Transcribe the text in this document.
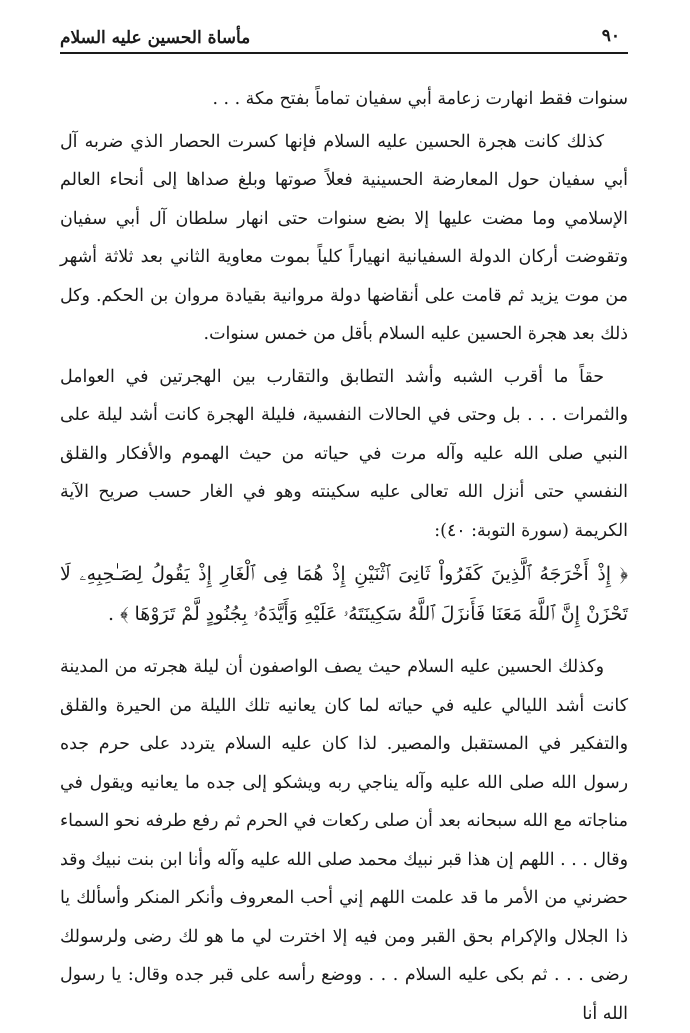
٩٠
مأساة الحسين عليه السلام

سنوات فقط انهارت زعامة أبي سفيان تماماً بفتح مكة . . .

كذلك كانت هجرة الحسين عليه السلام فإنها كسرت الحصار الذي ضربه آل أبي سفيان حول المعارضة الحسينية فعلاً صوتها وبلغ صداها إلى أنحاء العالم الإسلامي وما مضت عليها إلا بضع سنوات حتى انهار سلطان آل أبي سفيان وتقوضت أركان الدولة السفيانية انهياراً كلياً بموت معاوية الثاني بعد ثلاثة أشهر من موت يزيد ثم قامت على أنقاضها دولة مروانية بقيادة مروان بن الحكم. وكل ذلك بعد هجرة الحسين عليه السلام بأقل من خمس سنوات.

حقاً ما أقرب الشبه وأشد التطابق والتقارب بين الهجرتين في العوامل والثمرات . . . بل وحتى في الحالات النفسية، فليلة الهجرة كانت أشد ليلة على النبي صلى الله عليه وآله مرت في حياته من حيث الهموم والأفكار والقلق النفسي حتى أنزل الله تعالى عليه سكينته وهو في الغار حسب صريح الآية الكريمة (سورة التوبة: ٤٠):

﴿ إِذْ أَخْرَجَهُ ٱلَّذِينَ كَفَرُواْ ثَانِىَ ٱثْنَيْنِ إِذْ هُمَا فِى ٱلْغَارِ إِذْ يَقُولُ لِصَـٰحِبِهِۦ لَا تَحْزَنْ إِنَّ ٱللَّهَ مَعَنَا فَأَنزَلَ ٱللَّهُ سَكِينَتَهُۥ عَلَيْهِ وَأَيَّدَهُۥ بِجُنُودٍ لَّمْ تَرَوْهَا ﴾ .

وكذلك الحسين عليه السلام حيث يصف الواصفون أن ليلة هجرته من المدينة كانت أشد الليالي عليه في حياته لما كان يعانيه تلك الليلة من الحيرة والقلق والتفكير في المستقبل والمصير. لذا كان عليه السلام يتردد على حرم جده رسول الله صلى الله عليه وآله يناجي ربه ويشكو إلى جده ما يعانيه ويقول في مناجاته مع الله سبحانه بعد أن صلى ركعات في الحرم ثم رفع طرفه نحو السماء وقال . . . اللهم إن هذا قبر نبيك محمد صلى الله عليه وآله وأنا ابن بنت نبيك وقد حضرني من الأمر ما قد علمت اللهم إني أحب المعروف وأنكر المنكر وأسألك يا ذا الجلال والإكرام بحق القبر ومن فيه إلا اخترت لي ما هو لك رضى ولرسولك رضى . . . ثم بكى عليه السلام . . . ووضع رأسه على قبر جده وقال: يا رسول الله أنا
